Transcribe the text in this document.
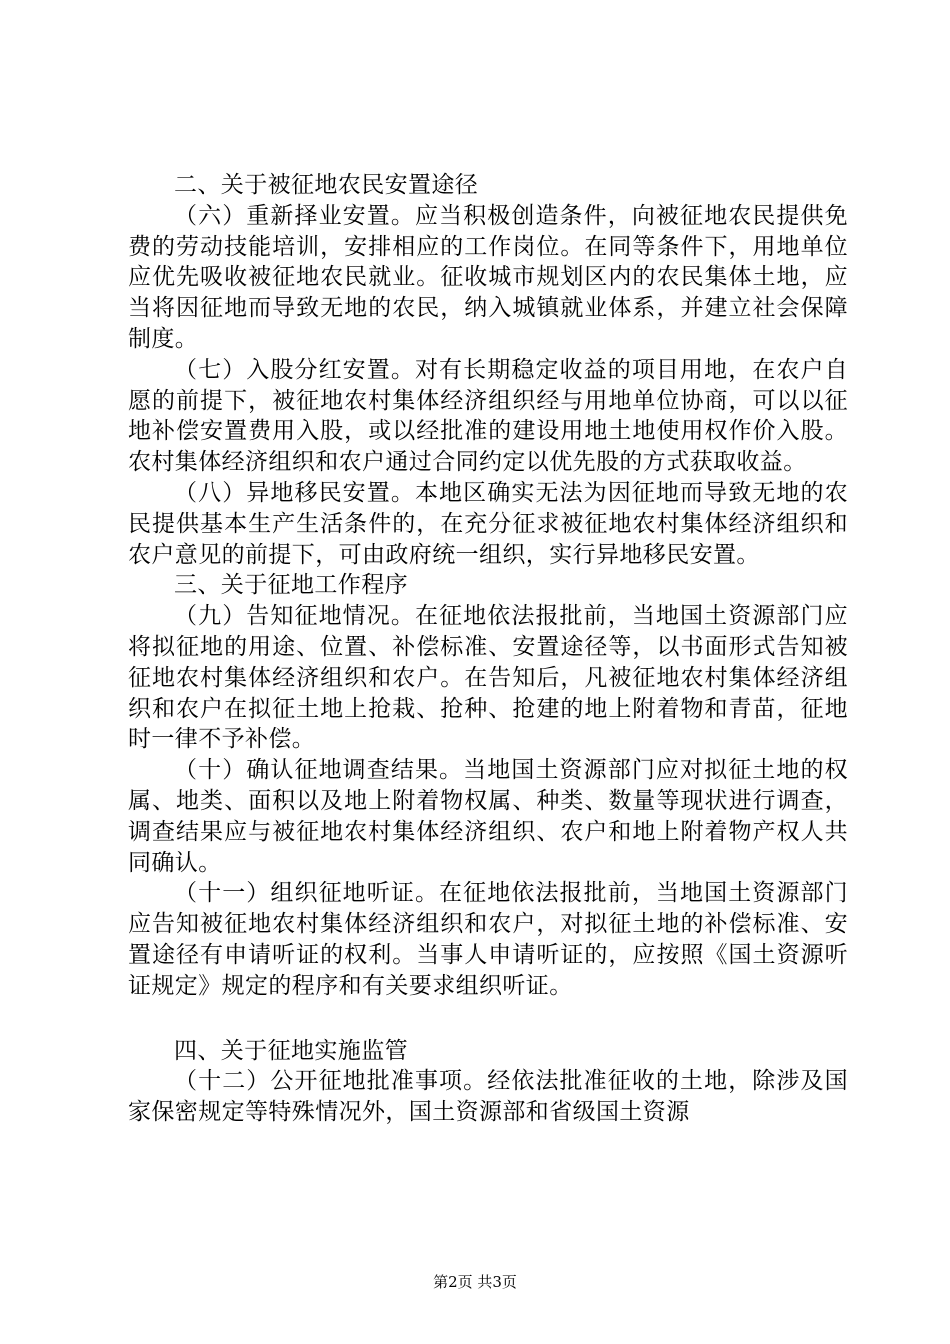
二、关于被征地农民安置途径

（六）重新择业安置。应当积极创造条件，向被征地农民提供免费的劳动技能培训，安排相应的工作岗位。在同等条件下，用地单位应优先吸收被征地农民就业。征收城市规划区内的农民集体土地，应当将因征地而导致无地的农民，纳入城镇就业体系，并建立社会保障制度。

（七）入股分红安置。对有长期稳定收益的项目用地，在农户自愿的前提下，被征地农村集体经济组织经与用地单位协商，可以以征地补偿安置费用入股，或以经批准的建设用地土地使用权作价入股。农村集体经济组织和农户通过合同约定以优先股的方式获取收益。

（八）异地移民安置。本地区确实无法为因征地而导致无地的农民提供基本生产生活条件的，在充分征求被征地农村集体经济组织和农户意见的前提下，可由政府统一组织，实行异地移民安置。

三、关于征地工作程序

（九）告知征地情况。在征地依法报批前，当地国土资源部门应将拟征地的用途、位置、补偿标准、安置途径等，以书面形式告知被征地农村集体经济组织和农户。在告知后，凡被征地农村集体经济组织和农户在拟征土地上抢栽、抢种、抢建的地上附着物和青苗，征地时一律不予补偿。

（十）确认征地调查结果。当地国土资源部门应对拟征土地的权属、地类、面积以及地上附着物权属、种类、数量等现状进行调查，调查结果应与被征地农村集体经济组织、农户和地上附着物产权人共同确认。

（十一）组织征地听证。在征地依法报批前，当地国土资源部门应告知被征地农村集体经济组织和农户，对拟征土地的补偿标准、安置途径有申请听证的权利。当事人申请听证的，应按照《国土资源听证规定》规定的程序和有关要求组织听证。

四、关于征地实施监管

（十二）公开征地批准事项。经依法批准征收的土地，除涉及国家保密规定等特殊情况外，国土资源部和省级国土资源

第2页 共3页
